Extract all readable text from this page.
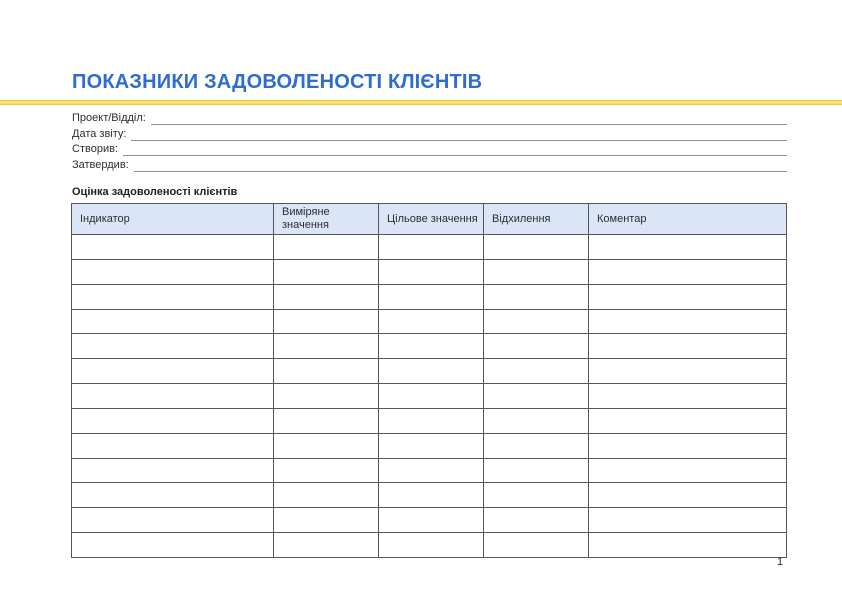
ПОКАЗНИКИ ЗАДОВОЛЕНОСТІ КЛІЄНТІВ
Проект/Відділ:
Дата звіту:
Створив:
Затвердив:
Оцінка задоволеності клієнтів
Індикатор	Виміряне значення	Цільове значення	Відхилення	Коментар

1
